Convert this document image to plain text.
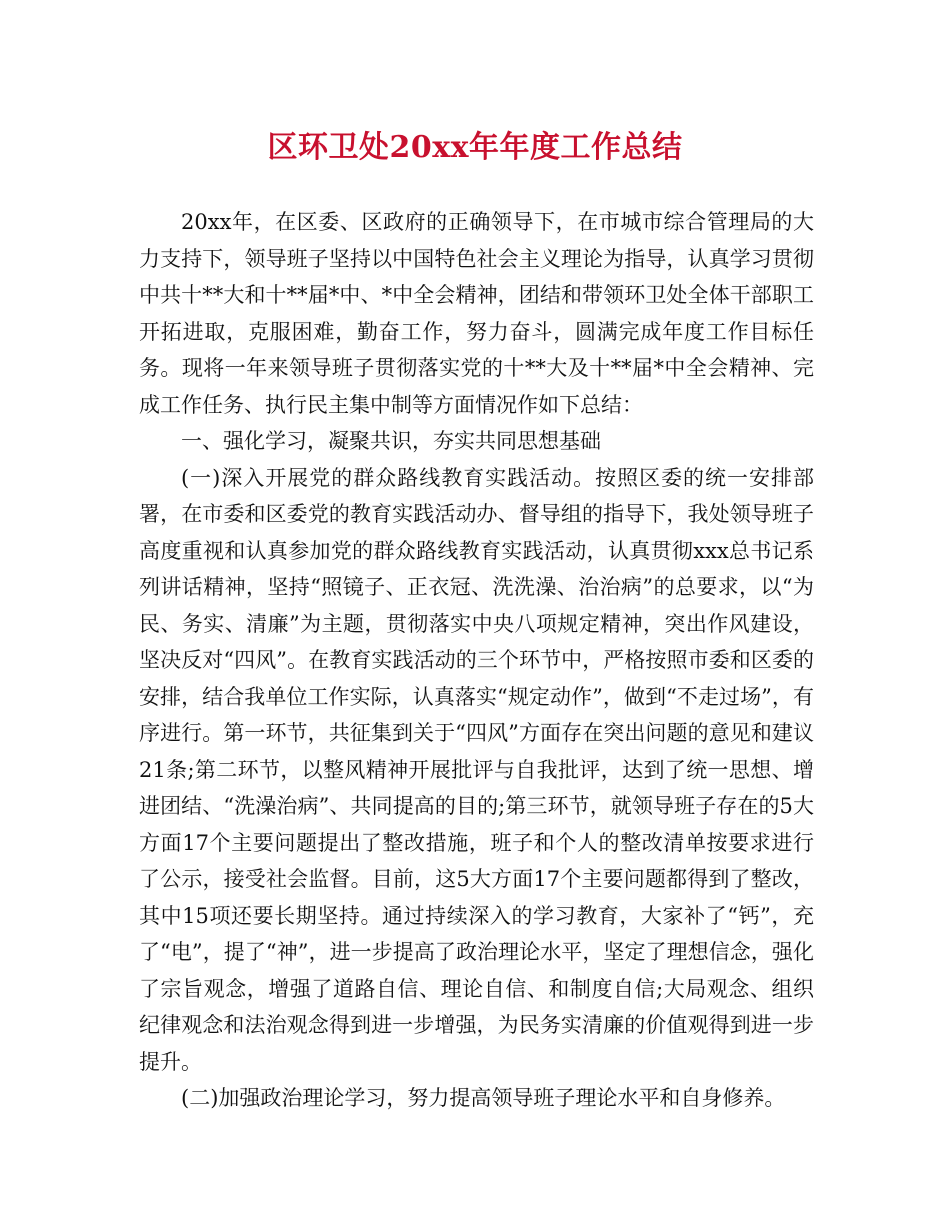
区环卫处20xx年年度工作总结

20xx年，在区委、区政府的正确领导下，在市城市综合管理局的大力支持下，领导班子坚持以中国特色社会主义理论为指导，认真学习贯彻中共十**大和十**届*中、*中全会精神，团结和带领环卫处全体干部职工开拓进取，克服困难，勤奋工作，努力奋斗，圆满完成年度工作目标任务。现将一年来领导班子贯彻落实党的十**大及十**届*中全会精神、完成工作任务、执行民主集中制等方面情况作如下总结：

一、强化学习，凝聚共识，夯实共同思想基础

(一)深入开展党的群众路线教育实践活动。按照区委的统一安排部署，在市委和区委党的教育实践活动办、督导组的指导下，我处领导班子高度重视和认真参加党的群众路线教育实践活动，认真贯彻xxx总书记系列讲话精神，坚持“照镜子、正衣冠、洗洗澡、治治病”的总要求，以“为民、务实、清廉”为主题，贯彻落实中央八项规定精神，突出作风建设，坚决反对“四风”。在教育实践活动的三个环节中，严格按照市委和区委的安排，结合我单位工作实际，认真落实“规定动作”，做到“不走过场”，有序进行。第一环节，共征集到关于“四风”方面存在突出问题的意见和建议21条;第二环节，以整风精神开展批评与自我批评，达到了统一思想、增进团结、“洗澡治病”、共同提高的目的;第三环节，就领导班子存在的5大方面17个主要问题提出了整改措施，班子和个人的整改清单按要求进行了公示，接受社会监督。目前，这5大方面17个主要问题都得到了整改，其中15项还要长期坚持。通过持续深入的学习教育，大家补了“钙”，充了“电”，提了“神”，进一步提高了政治理论水平，坚定了理想信念，强化了宗旨观念，增强了道路自信、理论自信、和制度自信;大局观念、组织纪律观念和法治观念得到进一步增强，为民务实清廉的价值观得到进一步提升。

(二)加强政治理论学习，努力提高领导班子理论水平和自身修养。
